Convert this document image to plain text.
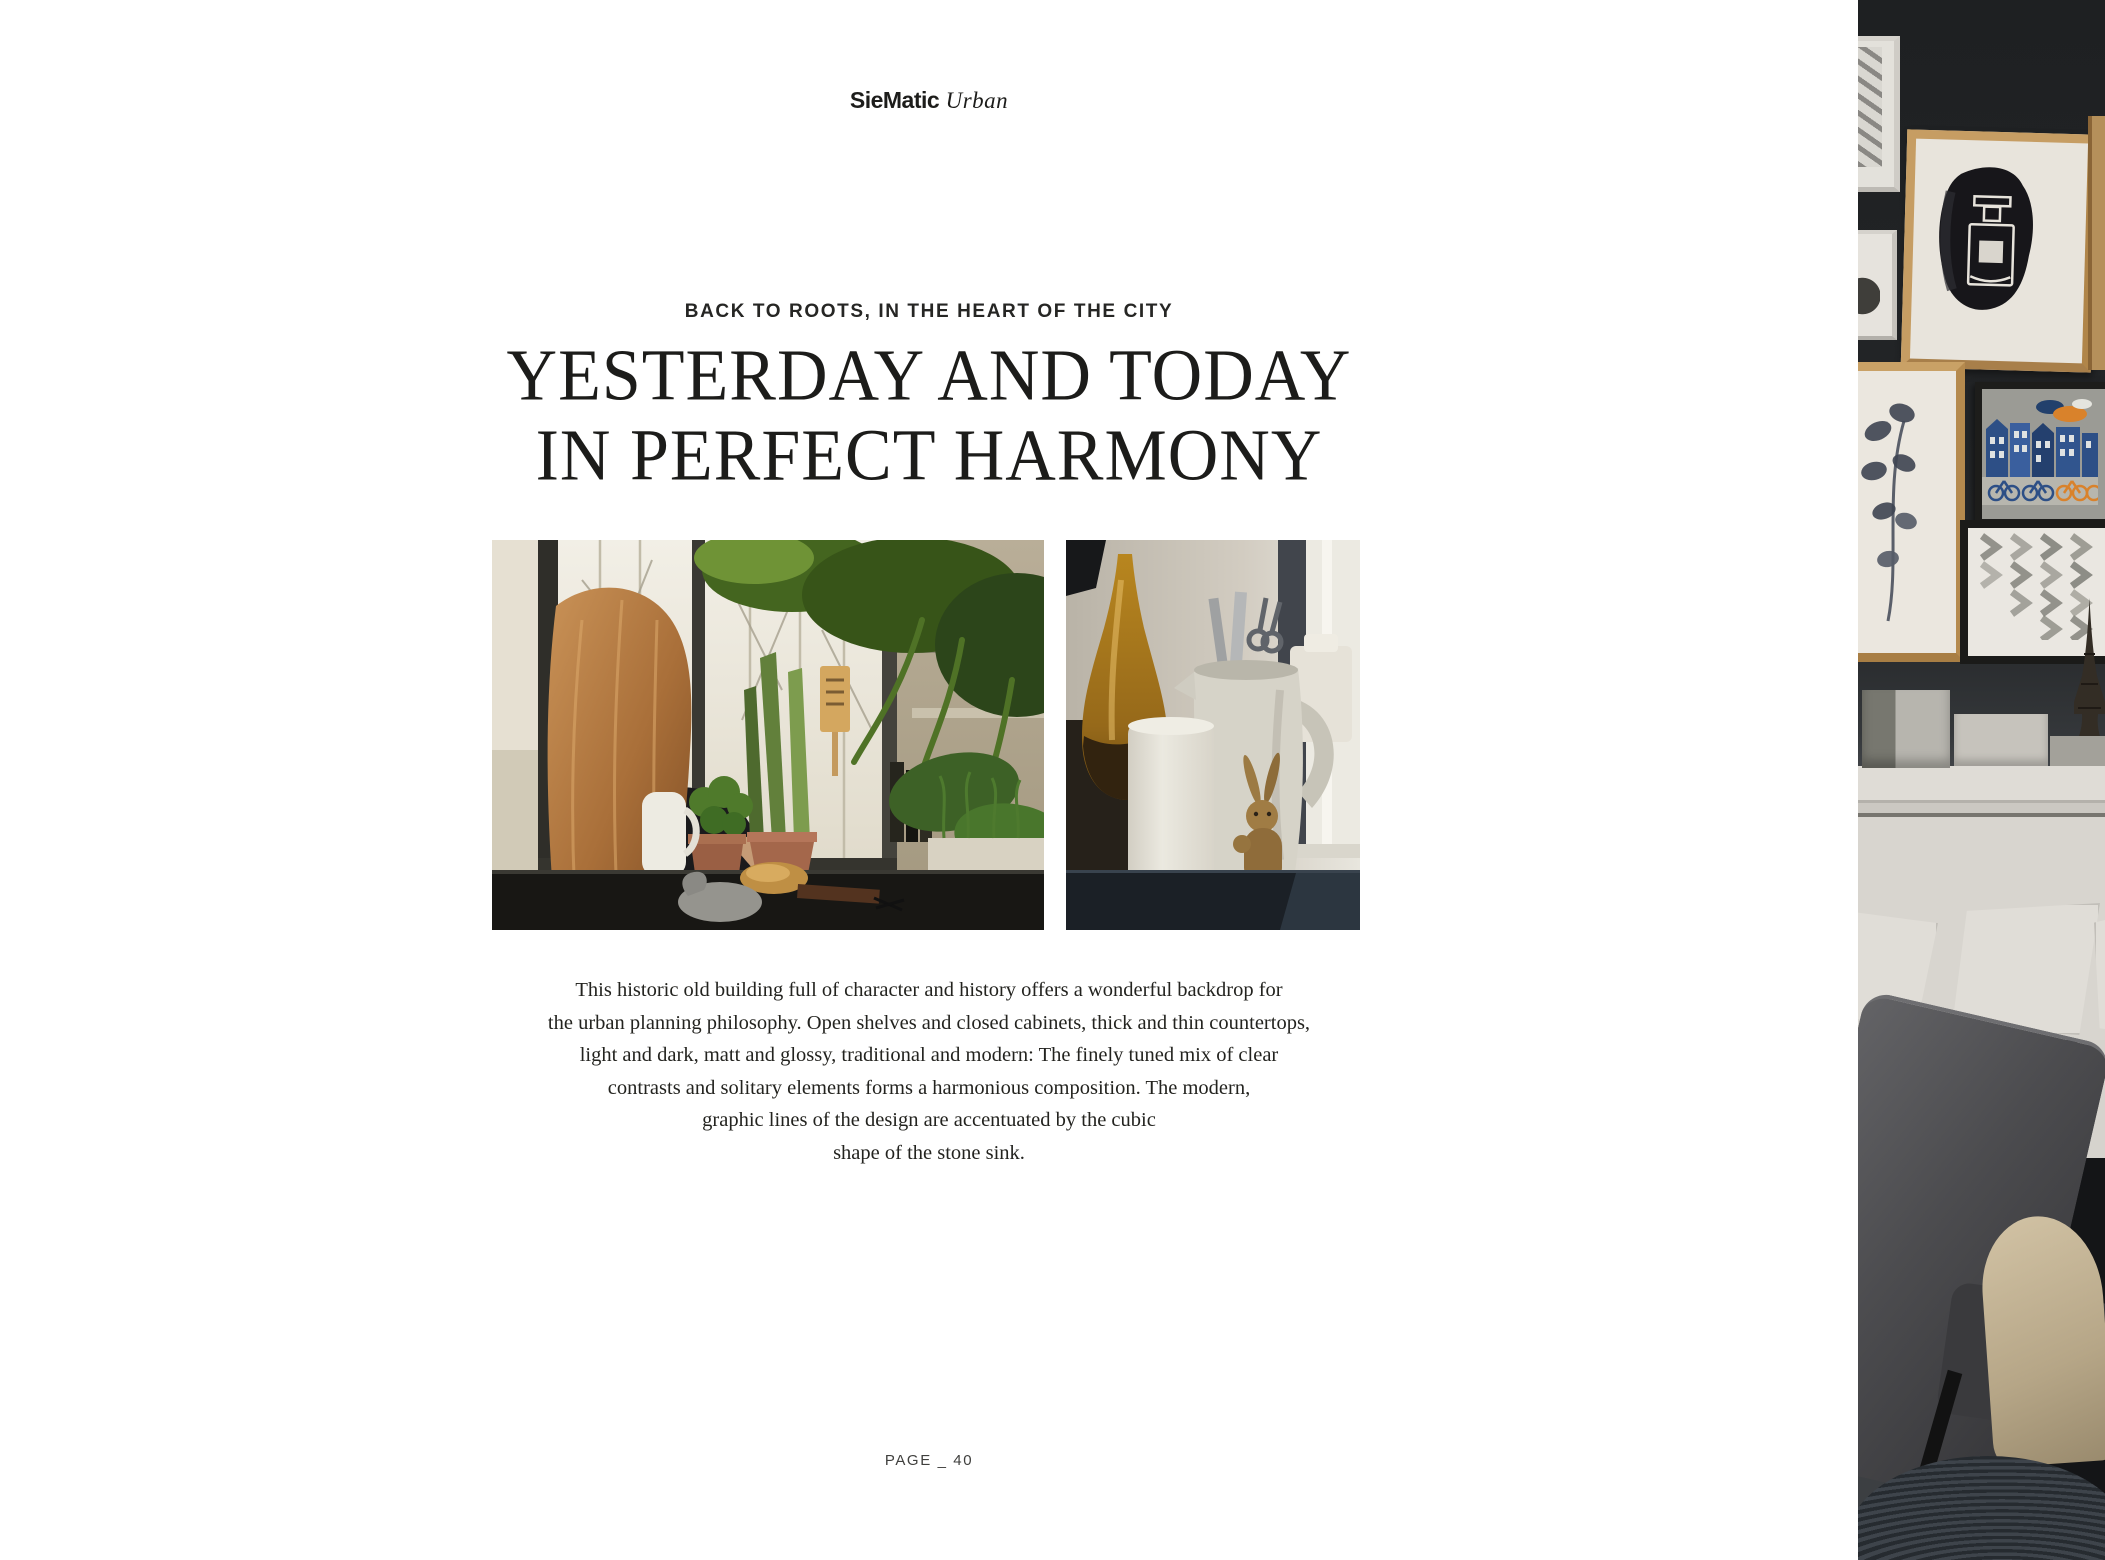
SieMatic Urban
BACK TO ROOTS, IN THE HEART OF THE CITY
YESTERDAY AND TODAY
IN PERFECT HARMONY
This historic old building full of character and history offers a wonderful backdrop for
the urban planning philosophy. Open shelves and closed cabinets, thick and thin countertops,
light and dark, matt and glossy, traditional and modern: The finely tuned mix of clear
contrasts and solitary elements forms a harmonious composition. The modern,
graphic lines of the design are accentuated by the cubic
shape of the stone sink.
PAGE _ 40
